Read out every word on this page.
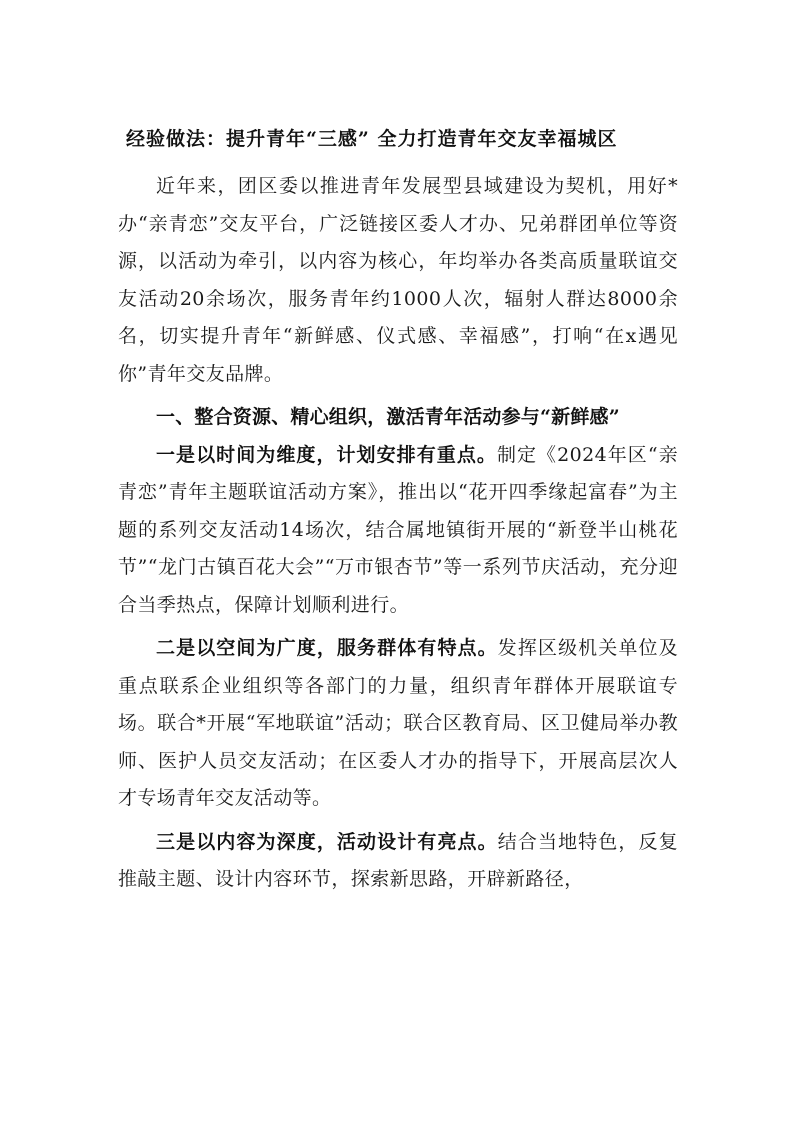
经验做法：提升青年“三感” 全力打造青年交友幸福城区

近年来，团区委以推进青年发展型县域建设为契机，用好*办“亲青恋”交友平台，广泛链接区委人才办、兄弟群团单位等资源，以活动为牵引，以内容为核心，年均举办各类高质量联谊交友活动20余场次，服务青年约1000人次，辐射人群达8000余名，切实提升青年“新鲜感、仪式感、幸福感”，打响“在x遇见你”青年交友品牌。

一、整合资源、精心组织，激活青年活动参与“新鲜感”

一是以时间为维度，计划安排有重点。制定《2024年区“亲青恋”青年主题联谊活动方案》，推出以“花开四季缘起富春”为主题的系列交友活动14场次，结合属地镇街开展的“新登半山桃花节”“龙门古镇百花大会”“万市银杏节”等一系列节庆活动，充分迎合当季热点，保障计划顺利进行。

二是以空间为广度，服务群体有特点。发挥区级机关单位及重点联系企业组织等各部门的力量，组织青年群体开展联谊专场。联合*开展“军地联谊”活动；联合区教育局、区卫健局举办教师、医护人员交友活动；在区委人才办的指导下，开展高层次人才专场青年交友活动等。

三是以内容为深度，活动设计有亮点。结合当地特色，反复推敲主题、设计内容环节，探索新思路，开辟新路径，
